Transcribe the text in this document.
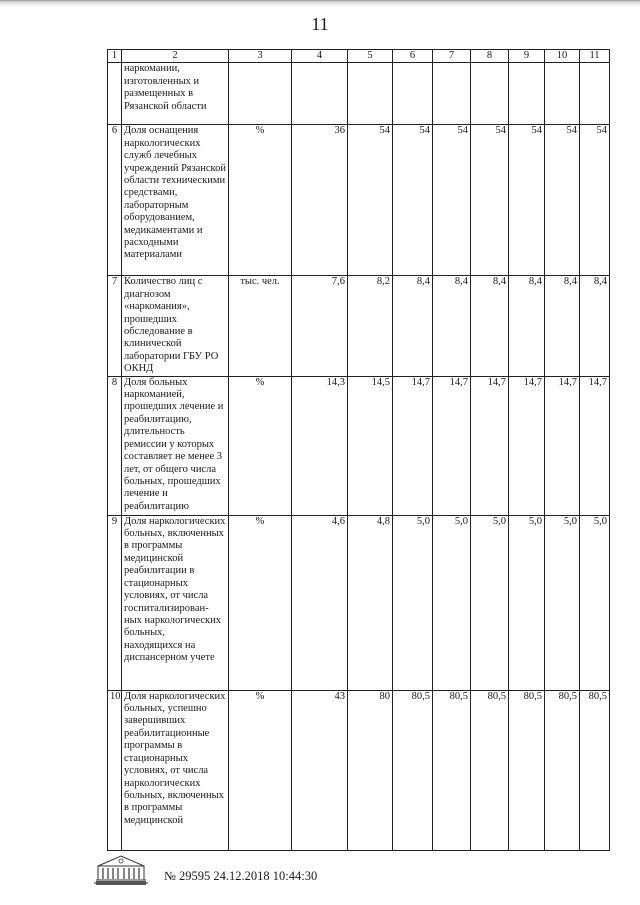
11
1	2	3	4	5	6	7	8	9	10	11
	наркомании, изготовленных и размещенных в Рязанской области									
6	Доля оснащения наркологических служб лечебных учреждений Рязанской области техническими средствами, лабораторным оборудованием, медикаментами и расходными материалами	%	36	54	54	54	54	54	54	54
7	Количество лиц с диагнозом «наркомания», прошедших обследование в клинической лаборатории ГБУ РО ОКНД	тыс. чел.	7,6	8,2	8,4	8,4	8,4	8,4	8,4	8,4
8	Доля больных наркоманией, прошедших лечение и реабилитацию, длительность ремиссии у которых составляет не менее 3 лет, от общего числа больных, прошедших лечение и реабилитацию	%	14,3	14,5	14,7	14,7	14,7	14,7	14,7	14,7
9	Доля наркологических больных, включенных в программы медицинской реабилитации в стационарных условиях, от числа госпитализирован-ных наркологических больных, находящихся на диспансерном учете	%	4,6	4,8	5,0	5,0	5,0	5,0	5,0	5,0
10	Доля наркологических больных, успешно завершивших реабилитационные программы в стационарных условиях, от числа наркологических больных, включенных в программы медицинской	%	43	80	80,5	80,5	80,5	80,5	80,5	80,5
№ 29595 24.12.2018 10:44:30
